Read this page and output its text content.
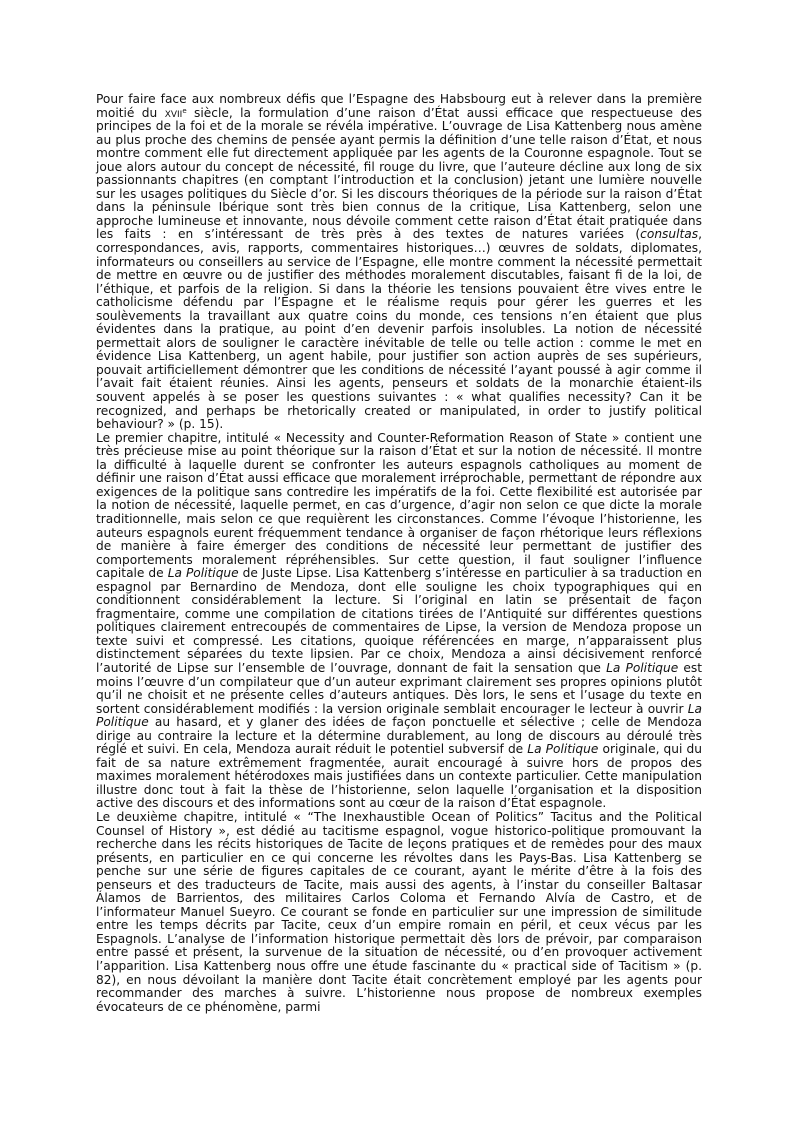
Pour faire face aux nombreux défis que l’Espagne des Habsbourg eut à relever dans la première moitié du xvii$^e$ siècle, la formulation d’une raison d’État aussi efficace que respectueuse des principes de la foi et de la morale se révéla impérative. L’ouvrage de Lisa Kattenberg nous amène au plus proche des chemins de pensée ayant permis la définition d’une telle raison d’État, et nous montre comment elle fut directement appliquée par les agents de la Couronne espagnole. Tout se joue alors autour du concept de nécessité, fil rouge du livre, que l’auteure décline aux long de six passionnants chapitres (en comptant l’introduction et la conclusion) jetant une lumière nouvelle sur les usages politiques du Siècle d’or. Si les discours théoriques de la période sur la raison d’État dans la péninsule Ibérique sont très bien connus de la critique, Lisa Kattenberg, selon une approche lumineuse et innovante, nous dévoile comment cette raison d’État était pratiquée dans les faits : en s’intéressant de très près à des textes de natures variées (consultas, correspondances, avis, rapports, commentaires historiques…) œuvres de soldats, diplomates, informateurs ou conseillers au service de l’Espagne, elle montre comment la nécessité permettait de mettre en œuvre ou de justifier des méthodes moralement discutables, faisant fi de la loi, de l’éthique, et parfois de la religion. Si dans la théorie les tensions pouvaient être vives entre le catholicisme défendu par l’Espagne et le réalisme requis pour gérer les guerres et les soulèvements la travaillant aux quatre coins du monde, ces tensions n’en étaient que plus évidentes dans la pratique, au point d’en devenir parfois insolubles. La notion de nécessité permettait alors de souligner le caractère inévitable de telle ou telle action : comme le met en évidence Lisa Kattenberg, un agent habile, pour justifier son action auprès de ses supérieurs, pouvait artificiellement démontrer que les conditions de nécessité l’ayant poussé à agir comme il l’avait fait étaient réunies. Ainsi les agents, penseurs et soldats de la monarchie étaient-ils souvent appelés à se poser les questions suivantes : « what qualifies necessity? Can it be recognized, and perhaps be rhetorically created or manipulated, in order to justify political behaviour? » (p. 15).

Le premier chapitre, intitulé « Necessity and Counter-Reformation Reason of State » contient une très précieuse mise au point théorique sur la raison d’État et sur la notion de nécessité. Il montre la difficulté à laquelle durent se confronter les auteurs espagnols catholiques au moment de définir une raison d’État aussi efficace que moralement irréprochable, permettant de répondre aux exigences de la politique sans contredire les impératifs de la foi. Cette flexibilité est autorisée par la notion de nécessité, laquelle permet, en cas d’urgence, d’agir non selon ce que dicte la morale traditionnelle, mais selon ce que requièrent les circonstances. Comme l’évoque l’historienne, les auteurs espagnols eurent fréquemment tendance à organiser de façon rhétorique leurs réflexions de manière à faire émerger des conditions de nécessité leur permettant de justifier des comportements moralement répréhensibles. Sur cette question, il faut souligner l’influence capitale de La Politique de Juste Lipse. Lisa Kattenberg s’intéresse en particulier à sa traduction en espagnol par Bernardino de Mendoza, dont elle souligne les choix typographiques qui en conditionnent considérablement la lecture. Si l’original en latin se présentait de façon fragmentaire, comme une compilation de citations tirées de l’Antiquité sur différentes questions politiques clairement entrecoupés de commentaires de Lipse, la version de Mendoza propose un texte suivi et compressé. Les citations, quoique référencées en marge, n’apparaissent plus distinctement séparées du texte lipsien. Par ce choix, Mendoza a ainsi décisivement renforcé l’autorité de Lipse sur l’ensemble de l’ouvrage, donnant de fait la sensation que La Politique est moins l’œuvre d’un compilateur que d’un auteur exprimant clairement ses propres opinions plutôt qu’il ne choisit et ne présente celles d’auteurs antiques. Dès lors, le sens et l’usage du texte en sortent considérablement modifiés : la version originale semblait encourager le lecteur à ouvrir La Politique au hasard, et y glaner des idées de façon ponctuelle et sélective ; celle de Mendoza dirige au contraire la lecture et la détermine durablement, au long de discours au déroulé très réglé et suivi. En cela, Mendoza aurait réduit le potentiel subversif de La Politique originale, qui du fait de sa nature extrêmement fragmentée, aurait encouragé à suivre hors de propos des maximes moralement hétérodoxes mais justifiées dans un contexte particulier. Cette manipulation illustre donc tout à fait la thèse de l’historienne, selon laquelle l’organisation et la disposition active des discours et des informations sont au cœur de la raison d’État espagnole.

Le deuxième chapitre, intitulé « “The Inexhaustible Ocean of Politics” Tacitus and the Political Counsel of History », est dédié au tacitisme espagnol, vogue historico-politique promouvant la recherche dans les récits historiques de Tacite de leçons pratiques et de remèdes pour des maux présents, en particulier en ce qui concerne les révoltes dans les Pays-Bas. Lisa Kattenberg se penche sur une série de figures capitales de ce courant, ayant le mérite d’être à la fois des penseurs et des traducteurs de Tacite, mais aussi des agents, à l’instar du conseiller Baltasar Álamos de Barrientos, des militaires Carlos Coloma et Fernando Alvía de Castro, et de l’informateur Manuel Sueyro. Ce courant se fonde en particulier sur une impression de similitude entre les temps décrits par Tacite, ceux d’un empire romain en péril, et ceux vécus par les Espagnols. L’analyse de l’information historique permettait dès lors de prévoir, par comparaison entre passé et présent, la survenue de la situation de nécessité, ou d’en provoquer activement l’apparition. Lisa Kattenberg nous offre une étude fascinante du « practical side of Tacitism » (p. 82), en nous dévoilant la manière dont Tacite était concrètement employé par les agents pour recommander des marches à suivre. L’historienne nous propose de nombreux exemples évocateurs de ce phénomène, parmi
